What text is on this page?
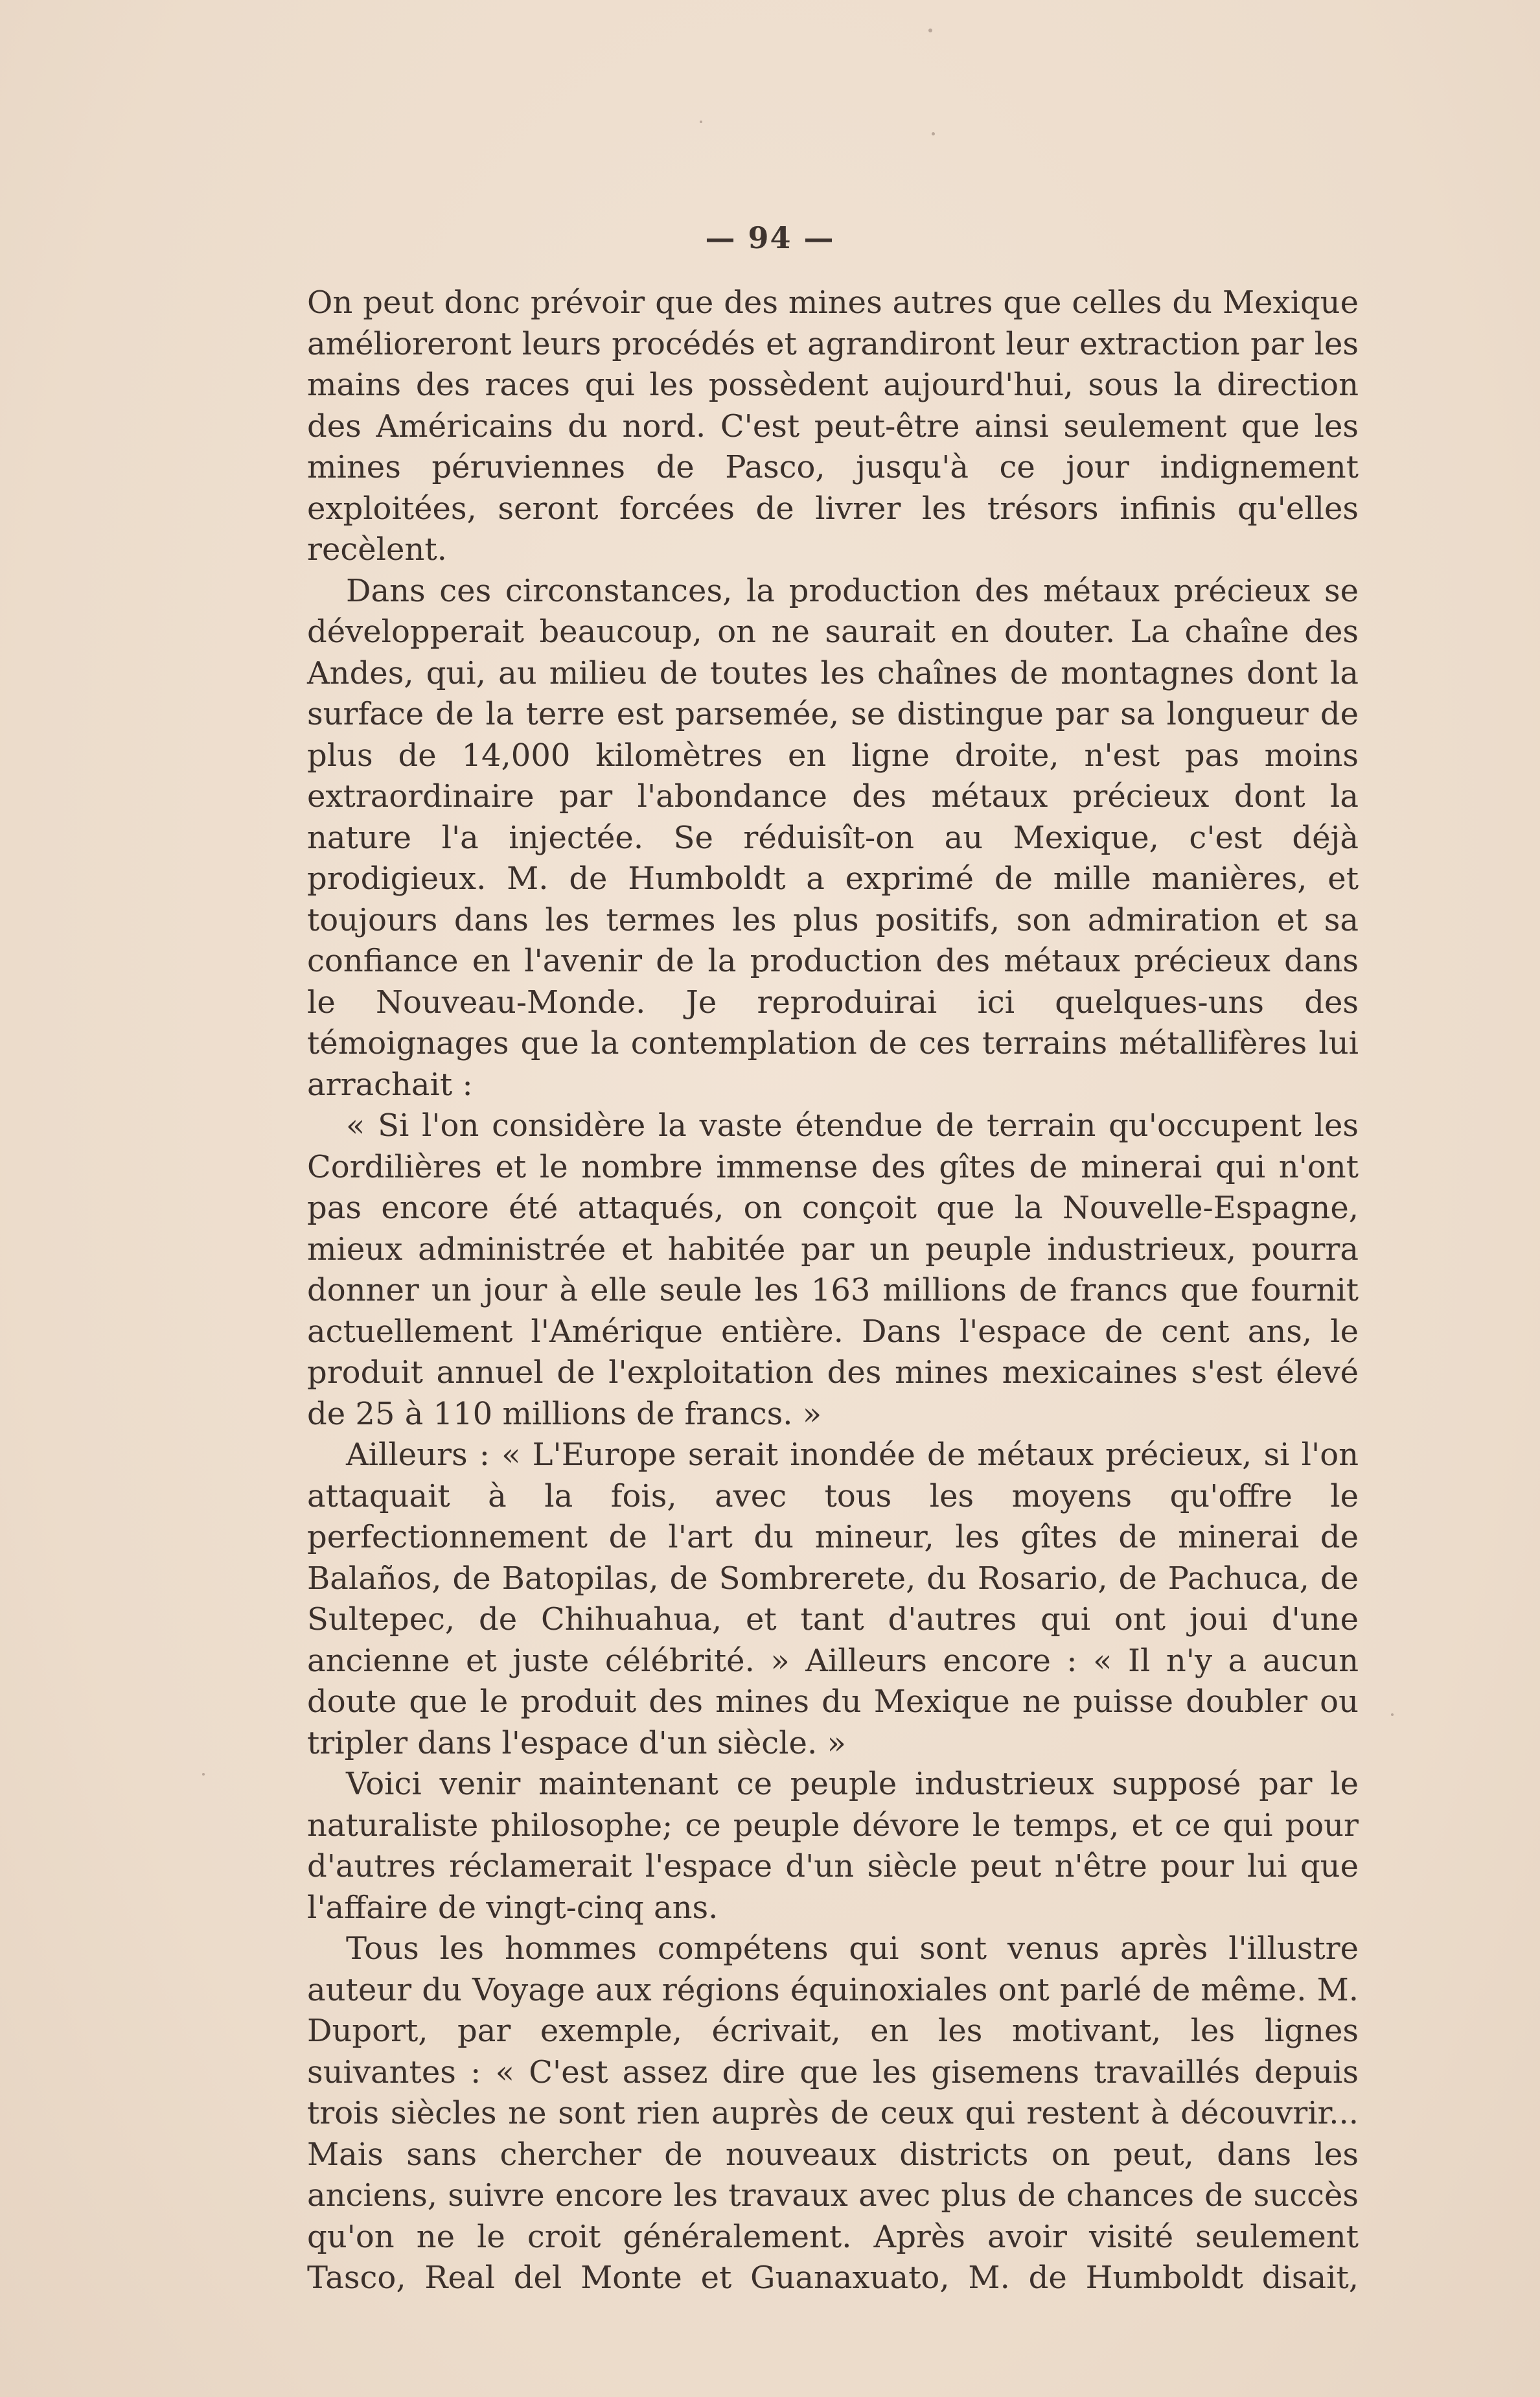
— 94 —

On peut donc prévoir que des mines autres que celles du Mexique amélioreront leurs procédés et agrandiront leur extraction par les mains des races qui les possèdent aujourd'hui, sous la direction des Américains du nord. C'est peut-être ainsi seulement que les mines péruviennes de Pasco, jusqu'à ce jour indignement exploitées, seront forcées de livrer les trésors infinis qu'elles recèlent.

Dans ces circonstances, la production des métaux précieux se développerait beaucoup, on ne saurait en douter. La chaîne des Andes, qui, au milieu de toutes les chaînes de montagnes dont la surface de la terre est parsemée, se distingue par sa longueur de plus de 14,000 kilomètres en ligne droite, n'est pas moins extraordinaire par l'abondance des métaux précieux dont la nature l'a injectée. Se réduisît-on au Mexique, c'est déjà prodigieux. M. de Humboldt a exprimé de mille manières, et toujours dans les termes les plus positifs, son admiration et sa confiance en l'avenir de la production des métaux précieux dans le Nouveau-Monde. Je reproduirai ici quelques-uns des témoignages que la contemplation de ces terrains métallifères lui arrachait :

« Si l'on considère la vaste étendue de terrain qu'occupent les Cordilières et le nombre immense des gîtes de minerai qui n'ont pas encore été attaqués, on conçoit que la Nouvelle-Espagne, mieux administrée et habitée par un peuple industrieux, pourra donner un jour à elle seule les 163 millions de francs que fournit actuellement l'Amérique entière. Dans l'espace de cent ans, le produit annuel de l'exploitation des mines mexicaines s'est élevé de 25 à 110 millions de francs. »

Ailleurs : « L'Europe serait inondée de métaux précieux, si l'on attaquait à la fois, avec tous les moyens qu'offre le perfectionnement de l'art du mineur, les gîtes de minerai de Balaños, de Batopilas, de Sombrerete, du Rosario, de Pachuca, de Sultepec, de Chihuahua, et tant d'autres qui ont joui d'une ancienne et juste célébrité. » Ailleurs encore : « Il n'y a aucun doute que le produit des mines du Mexique ne puisse doubler ou tripler dans l'espace d'un siècle. »

Voici venir maintenant ce peuple industrieux supposé par le naturaliste philosophe; ce peuple dévore le temps, et ce qui pour d'autres réclamerait l'espace d'un siècle peut n'être pour lui que l'affaire de vingt-cinq ans.

Tous les hommes compétens qui sont venus après l'illustre auteur du Voyage aux régions équinoxiales ont parlé de même. M. Duport, par exemple, écrivait, en les motivant, les lignes suivantes : « C'est assez dire que les gisemens travaillés depuis trois siècles ne sont rien auprès de ceux qui restent à découvrir... Mais sans chercher de nouveaux districts on peut, dans les anciens, suivre encore les travaux avec plus de chances de succès qu'on ne le croit généralement. Après avoir visité seulement Tasco, Real del Monte et Guanaxuato, M. de Humboldt disait,
